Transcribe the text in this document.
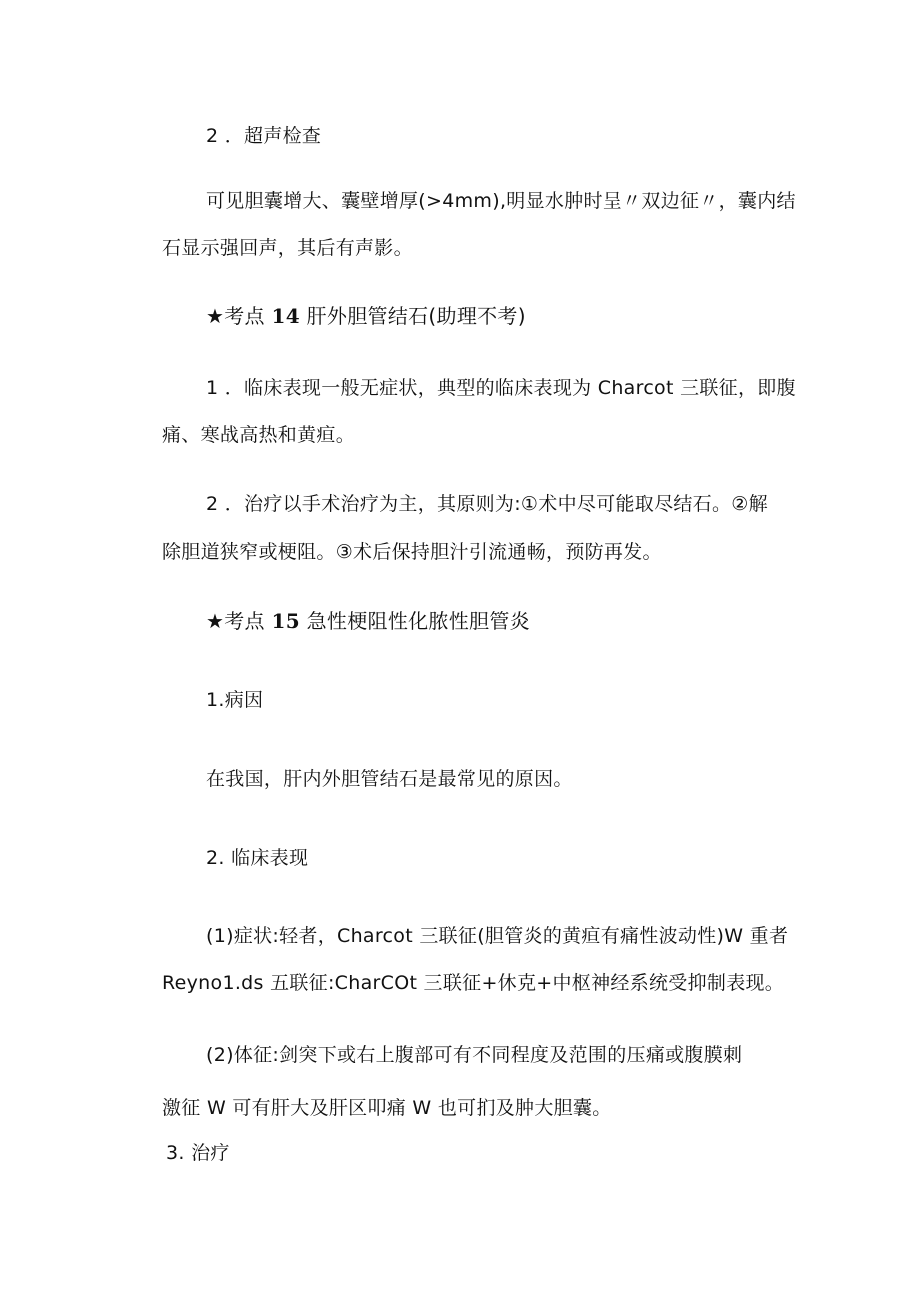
2 ．超声检查
可见胆囊增大、囊壁增厚(>4mm),明显水肿时呈〃双边征〃，囊内结
石显示强回声，其后有声影。
★考点 14 肝外胆管结石(助理不考)
1 ．临床表现一般无症状，典型的临床表现为 Charcot 三联征，即腹
痛、寒战高热和黄疸。
2 ．治疗以手术治疗为主，其原则为:①术中尽可能取尽结石。②解
除胆道狭窄或梗阻。③术后保持胆汁引流通畅，预防再发。
★考点 15 急性梗阻性化脓性胆管炎
1.病因
在我国，肝内外胆管结石是最常见的原因。
2. 临床表现
(1)症状:轻者，Charcot 三联征(胆管炎的黄疸有痛性波动性)W 重者
Reyno1.ds 五联征:CharCOt 三联征+休克+中枢神经系统受抑制表现。
(2)体征:剑突下或右上腹部可有不同程度及范围的压痛或腹膜刺
激征 W 可有肝大及肝区叩痛 W 也可扪及肿大胆囊。
3. 治疗
